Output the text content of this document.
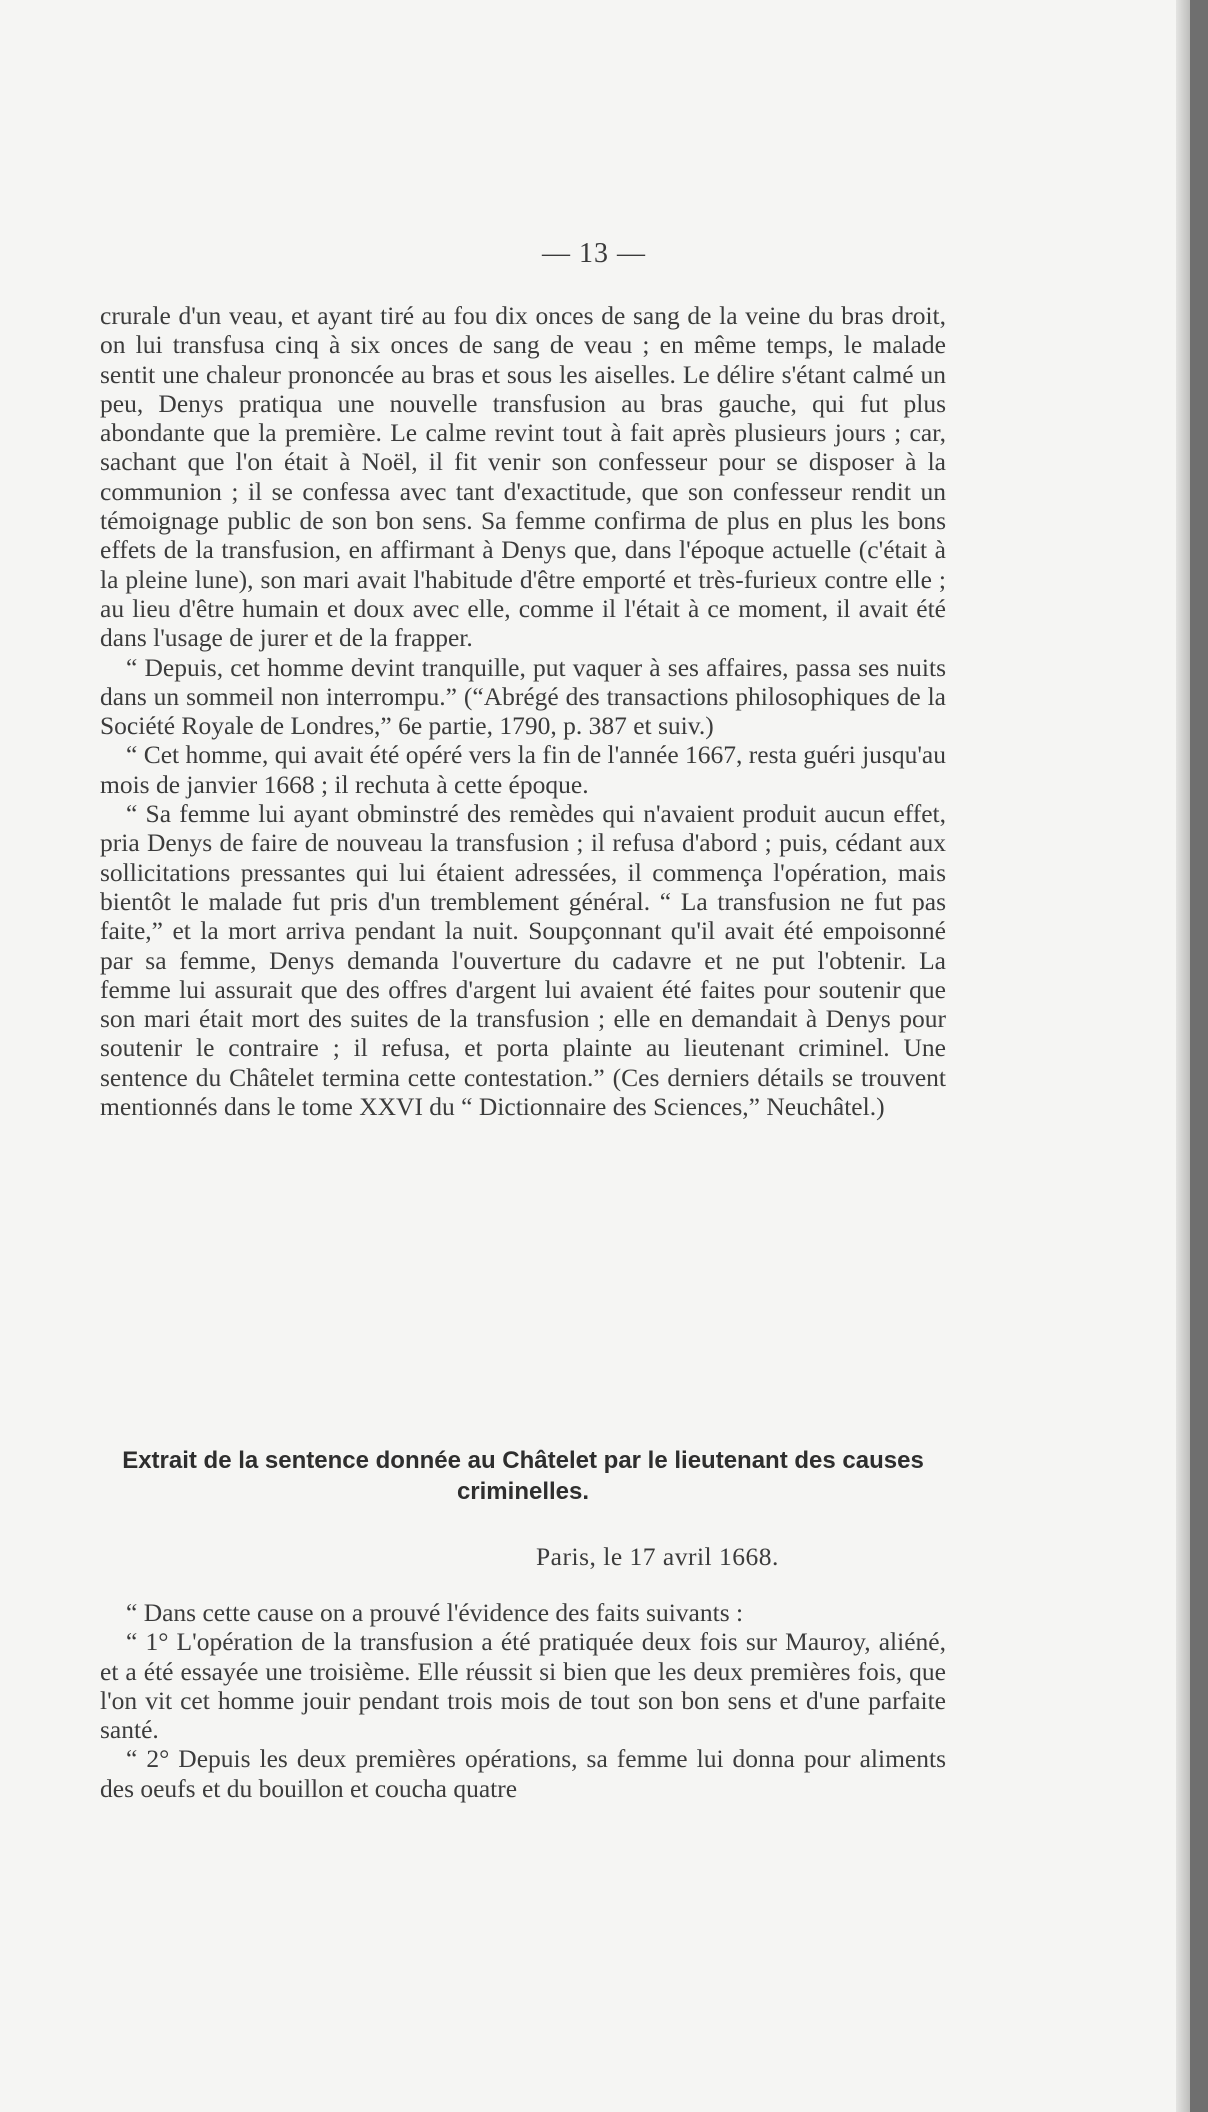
— 13 —

crurale d'un veau, et ayant tiré au fou dix onces de sang de la veine du bras droit, on lui transfusa cinq à six onces de sang de veau ; en même temps, le malade sentit une chaleur prononcée au bras et sous les aiselles. Le délire s'étant calmé un peu, Denys pratiqua une nouvelle transfusion au bras gauche, qui fut plus abondante que la première. Le calme revint tout à fait après plusieurs jours ; car, sachant que l'on était à Noël, il fit venir son confesseur pour se disposer à la communion ; il se confessa avec tant d'exactitude, que son confesseur rendit un témoignage public de son bon sens. Sa femme confirma de plus en plus les bons effets de la transfusion, en affirmant à Denys que, dans l'époque actuelle (c'était à la pleine lune), son mari avait l'habitude d'être emporté et très-furieux contre elle ; au lieu d'être humain et doux avec elle, comme il l'était à ce moment, il avait été dans l'usage de jurer et de la frapper.

“ Depuis, cet homme devint tranquille, put vaquer à ses affaires, passa ses nuits dans un sommeil non interrompu.” (“Abrégé des transactions philosophiques de la Société Royale de Londres,” 6e partie, 1790, p. 387 et suiv.)

“ Cet homme, qui avait été opéré vers la fin de l'année 1667, resta guéri jusqu'au mois de janvier 1668 ; il rechuta à cette époque.

“ Sa femme lui ayant obminstré des remèdes qui n'avaient produit aucun effet, pria Denys de faire de nouveau la transfusion ; il refusa d'abord ; puis, cédant aux sollicitations pressantes qui lui étaient adressées, il commença l'opération, mais bientôt le malade fut pris d'un tremblement général. “ La transfusion ne fut pas faite,” et la mort arriva pendant la nuit. Soupçonnant qu'il avait été empoisonné par sa femme, Denys demanda l'ouverture du cadavre et ne put l'obtenir. La femme lui assurait que des offres d'argent lui avaient été faites pour soutenir que son mari était mort des suites de la transfusion ; elle en demandait à Denys pour soutenir le contraire ; il refusa, et porta plainte au lieutenant criminel. Une sentence du Châtelet termina cette contestation.” (Ces derniers détails se trouvent mentionnés dans le tome XXVI du “ Dictionnaire des Sciences,” Neuchâtel.)

Extrait de la sentence donnée au Châtelet par le lieutenant des causes criminelles.
Paris, le 17 avril 1668.

“ Dans cette cause on a prouvé l'évidence des faits suivants :

“ 1° L'opération de la transfusion a été pratiquée deux fois sur Mauroy, aliéné, et a été essayée une troisième. Elle réussit si bien que les deux premières fois, que l'on vit cet homme jouir pendant trois mois de tout son bon sens et d'une parfaite santé.

“ 2° Depuis les deux premières opérations, sa femme lui donna pour aliments des oeufs et du bouillon et coucha quatre
